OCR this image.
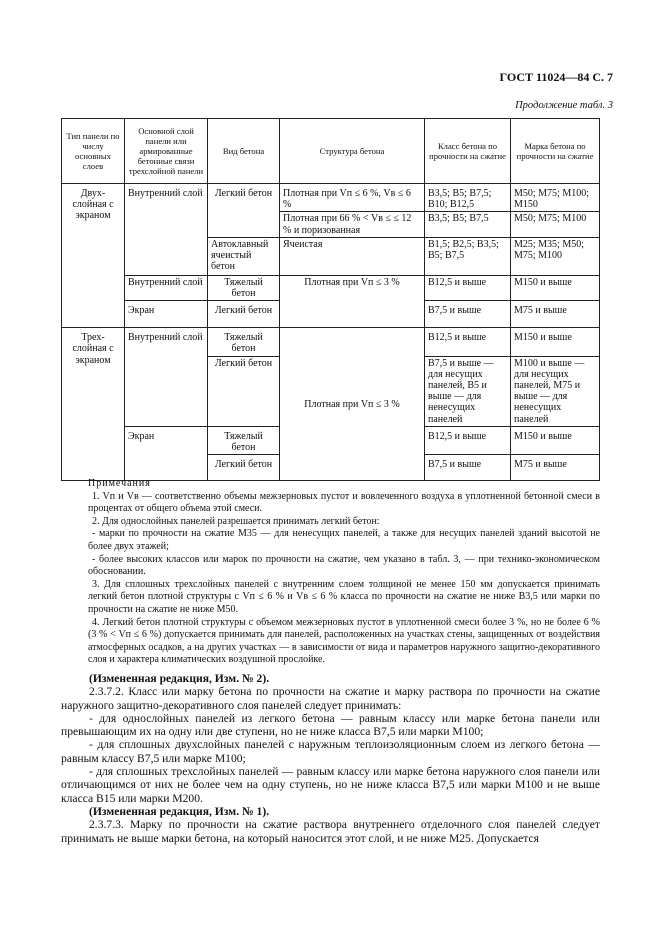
ГОСТ 11024—84 С. 7
Продолжение табл. 3
Тип панели по числу основных слоев	Основной слой панели или армированные бетонные связи трехслойной панели	Вид бетона	Структура бетона	Класс бетона по прочности на сжатие	Марка бетона по прочности на сжатие
Двух-слойная с экраном	Внутренний слой	Легкий бетон	Плотная при Vп ≤ 6 %, Vв ≤ 6 %	B3,5; B5; B7,5; B10; B12,5	M50; M75; M100; M150
			Плотная при 66 % < Vв ≤ ≤ 12 % и поризованная	B3,5; B5; B7,5	M50; M75; M100
		Автоклавный ячеистый бетон	Ячеистая	B1,5; B2,5; B3,5; B5; B7,5	M25; M35; M50; M75; M100
	Внутренний слой	Тяжелый бетон	Плотная при Vп ≤ 3 %	B12,5 и выше	M150 и выше
	Экран	Легкий бетон		B7,5 и выше	M75 и выше

Трех-слойная с экраном	Внутренний слой	Тяжелый бетон	Плотная при Vп ≤ 3 %	B12,5 и выше	M150 и выше
		Легкий бетон		B7,5 и выше — для несущих панелей, B5 и выше — для ненесущих панелей	M100 и выше — для несущих панелей, M75 и выше — для ненесущих панелей
	Экран	Тяжелый бетон		B12,5 и выше	M150 и выше
		Легкий бетон		B7,5 и выше	M75 и выше

Примечания

1. Vп и Vв — соответственно объемы межзерновых пустот и вовлеченного воздуха в уплотненной бетонной смеси в процентах от общего объема этой смеси.

2. Для однослойных панелей разрешается принимать легкий бетон:

- марки по прочности на сжатие M35 — для ненесущих панелей, а также для несущих панелей зданий высотой не более двух этажей;

- более высоких классов или марок по прочности на сжатие, чем указано в табл. 3, — при технико-экономическом обосновании.

3. Для сплошных трехслойных панелей с внутренним слоем толщиной не менее 150 мм допускается принимать легкий бетон плотной структуры с Vп ≤ 6 % и Vв ≤ 6 % класса по прочности на сжатие не ниже B3,5 или марки по прочности на сжатие не ниже M50.

4. Легкий бетон плотной структуры с объемом межзерновых пустот в уплотненной смеси более 3 %, но не более 6 % (3 % < Vп ≤ 6 %) допускается принимать для панелей, расположенных на участках стены, защищенных от воздействия атмосферных осадков, а на других участках — в зависимости от вида и параметров наружного защитно-декоративного слоя и характера климатических воздушной прослойке.

(Измененная редакция, Изм. № 2).

2.3.7.2. Класс или марку бетона по прочности на сжатие и марку раствора по прочности на сжатие наружного защитно-декоративного слоя панелей следует принимать:

- для однослойных панелей из легкого бетона — равным классу или марке бетона панели или превышающим их на одну или две ступени, но не ниже класса B7,5 или марки M100;

- для сплошных двухслойных панелей с наружным теплоизоляционным слоем из легкого бетона — равным классу B7,5 или марке M100;

- для сплошных трехслойных панелей — равным классу или марке бетона наружного слоя панели или отличающимся от них не более чем на одну ступень, но не ниже класса B7,5 или марки M100 и не выше класса B15 или марки M200.

(Измененная редакция, Изм. № 1).

2.3.7.3. Марку по прочности на сжатие раствора внутреннего отделочного слоя панелей следует принимать не выше марки бетона, на который наносится этот слой, и не ниже M25. Допускается
